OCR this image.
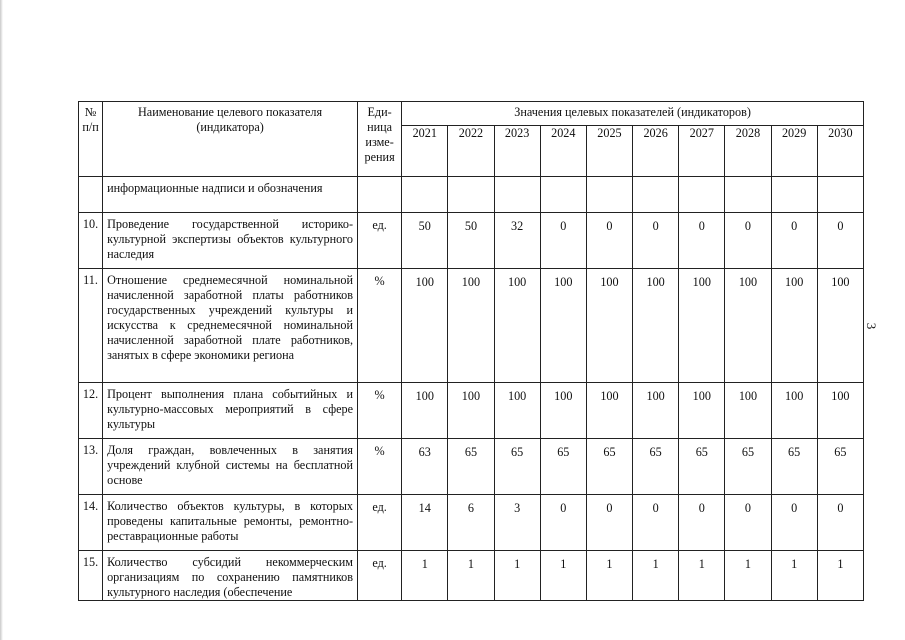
№ п/п	Наименование целевого показателя (индикатора)	Еди-ница изме-рения	Значения целевых показателей (индикаторов)									
			2021	2022	2023	2024	2025	2026	2027	2028	2029	2030
	информационные надписи и обозначения											
10.	Проведение государственной историко-культурной экспертизы объектов культурного наследия	ед.	50	50	32	0	0	0	0	0	0	0
11.	Отношение среднемесячной номинальной начисленной заработной платы работников государственных учреждений культуры и искусства к среднемесячной номинальной начисленной заработной плате работников, занятых в сфере экономики региона	%	100	100	100	100	100	100	100	100	100	100
12.	Процент выполнения плана событийных и культурно-массовых мероприятий в сфере культуры	%	100	100	100	100	100	100	100	100	100	100
13.	Доля граждан, вовлеченных в занятия учреждений клубной системы на бесплатной основе	%	63	65	65	65	65	65	65	65	65	65
14.	Количество объектов культуры, в которых проведены капитальные ремонты, ремонтно-реставрационные работы	ед.	14	6	3	0	0	0	0	0	0	0
15.	Количество субсидий некоммерческим организациям по сохранению памятников культурного наследия (обеспечение	ед.	1	1	1	1	1	1	1	1	1	1
3
